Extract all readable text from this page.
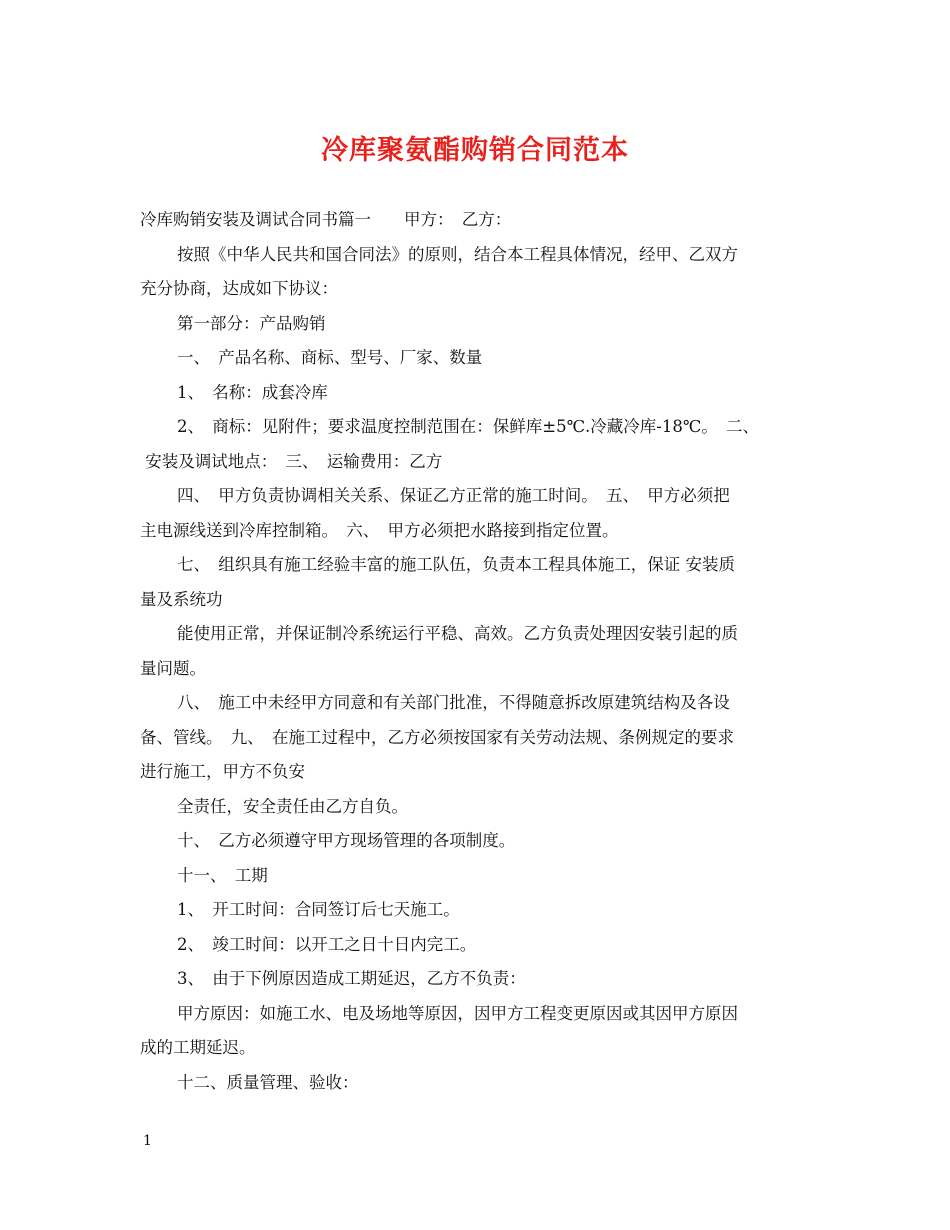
冷库聚氨酯购销合同范本
冷库购销安装及调试合同书篇一　　甲方：　乙方：
按照《中华人民共和国合同法》的原则，结合本工程具体情况，经甲、乙双方
充分协商，达成如下协议：
第一部分：产品购销
一、　产品名称、商标、型号、厂家、数量
1、　名称：成套冷库
2、　商标：见附件；要求温度控制范围在：保鲜库±5℃.冷藏冷库-18℃。　二、
安装及调试地点：　三、　运输费用：乙方
四、　甲方负责协调相关关系、保证乙方正常的施工时间。　五、　甲方必须把
主电源线送到冷库控制箱。　六、　甲方必须把水路接到指定位置。
七、　组织具有施工经验丰富的施工队伍，负责本工程具体施工，保证 安装质
量及系统功
能使用正常，并保证制冷系统运行平稳、高效。乙方负责处理因安装引起的质
量问题。
八、　施工中未经甲方同意和有关部门批准，不得随意拆改原建筑结构及各设
备、管线。　九、　在施工过程中，乙方必须按国家有关劳动法规、条例规定的要求
进行施工，甲方不负安
全责任，安全责任由乙方自负。
十、　乙方必须遵守甲方现场管理的各项制度。
十一、　工期
1、　开工时间：合同签订后七天施工。
2、　竣工时间：以开工之日十日内完工。
3、　由于下例原因造成工期延迟，乙方不负责：
甲方原因：如施工水、电及场地等原因，因甲方工程变更原因或其因甲方原因
成的工期延迟。
十二、质量管理、验收：
1
